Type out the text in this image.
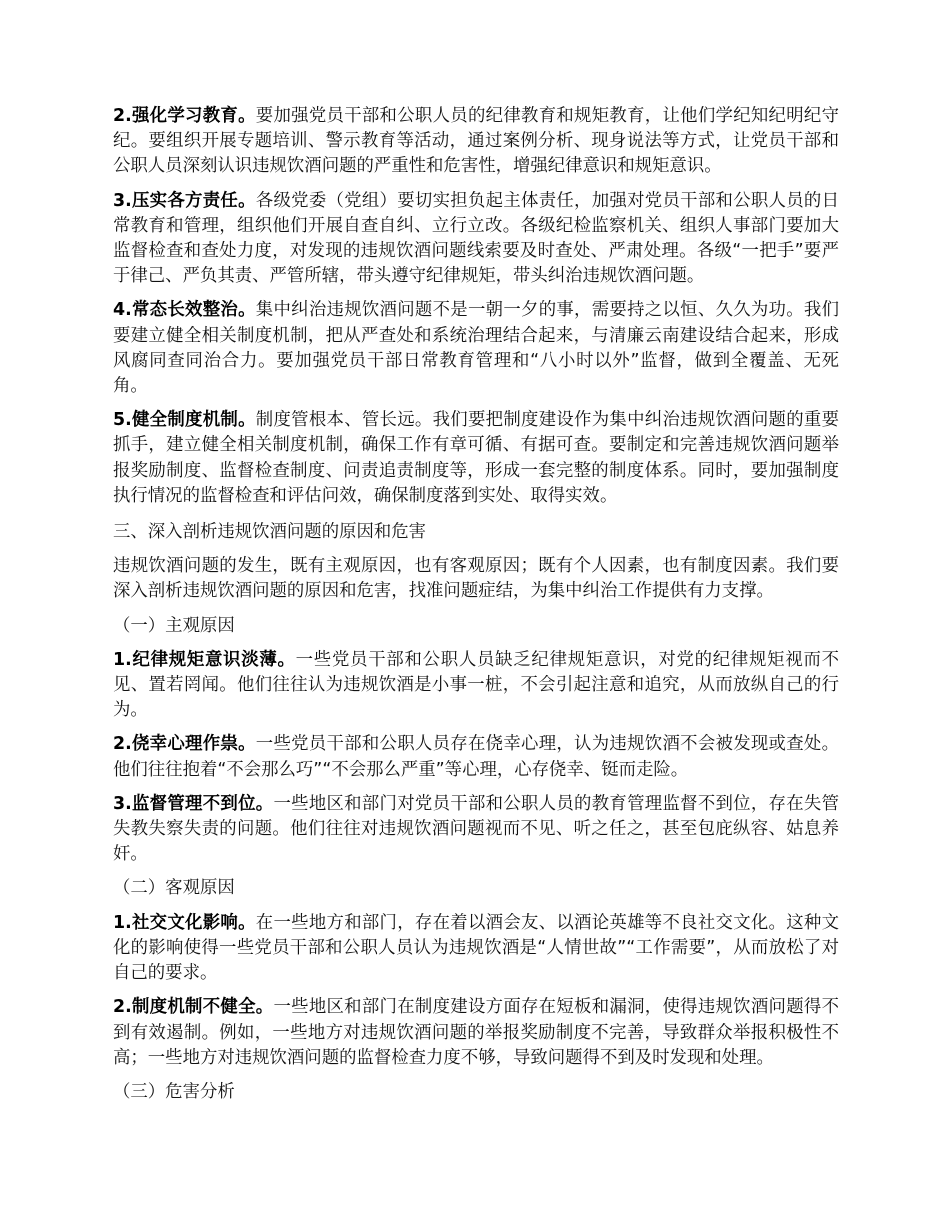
2.强化学习教育。要加强党员干部和公职人员的纪律教育和规矩教育，让他们学纪知纪明纪守纪。要组织开展专题培训、警示教育等活动，通过案例分析、现身说法等方式，让党员干部和公职人员深刻认识违规饮酒问题的严重性和危害性，增强纪律意识和规矩意识。

3.压实各方责任。各级党委（党组）要切实担负起主体责任，加强对党员干部和公职人员的日常教育和管理，组织他们开展自查自纠、立行立改。各级纪检监察机关、组织人事部门要加大监督检查和查处力度，对发现的违规饮酒问题线索要及时查处、严肃处理。各级“一把手”要严于律己、严负其责、严管所辖，带头遵守纪律规矩，带头纠治违规饮酒问题。

4.常态长效整治。集中纠治违规饮酒问题不是一朝一夕的事，需要持之以恒、久久为功。我们要建立健全相关制度机制，把从严查处和系统治理结合起来，与清廉云南建设结合起来，形成风腐同查同治合力。要加强党员干部日常教育管理和“八小时以外”监督，做到全覆盖、无死角。

5.健全制度机制。制度管根本、管长远。我们要把制度建设作为集中纠治违规饮酒问题的重要抓手，建立健全相关制度机制，确保工作有章可循、有据可查。要制定和完善违规饮酒问题举报奖励制度、监督检查制度、问责追责制度等，形成一套完整的制度体系。同时，要加强制度执行情况的监督检查和评估问效，确保制度落到实处、取得实效。

三、深入剖析违规饮酒问题的原因和危害

违规饮酒问题的发生，既有主观原因，也有客观原因；既有个人因素，也有制度因素。我们要深入剖析违规饮酒问题的原因和危害，找准问题症结，为集中纠治工作提供有力支撑。

（一）主观原因

1.纪律规矩意识淡薄。一些党员干部和公职人员缺乏纪律规矩意识，对党的纪律规矩视而不见、置若罔闻。他们往往认为违规饮酒是小事一桩，不会引起注意和追究，从而放纵自己的行为。

2.侥幸心理作祟。一些党员干部和公职人员存在侥幸心理，认为违规饮酒不会被发现或查处。他们往往抱着“不会那么巧”“不会那么严重”等心理，心存侥幸、铤而走险。

3.监督管理不到位。一些地区和部门对党员干部和公职人员的教育管理监督不到位，存在失管失教失察失责的问题。他们往往对违规饮酒问题视而不见、听之任之，甚至包庇纵容、姑息养奸。

（二）客观原因

1.社交文化影响。在一些地方和部门，存在着以酒会友、以酒论英雄等不良社交文化。这种文化的影响使得一些党员干部和公职人员认为违规饮酒是“人情世故”“工作需要”，从而放松了对自己的要求。

2.制度机制不健全。一些地区和部门在制度建设方面存在短板和漏洞，使得违规饮酒问题得不到有效遏制。例如，一些地方对违规饮酒问题的举报奖励制度不完善，导致群众举报积极性不高；一些地方对违规饮酒问题的监督检查力度不够，导致问题得不到及时发现和处理。

（三）危害分析
